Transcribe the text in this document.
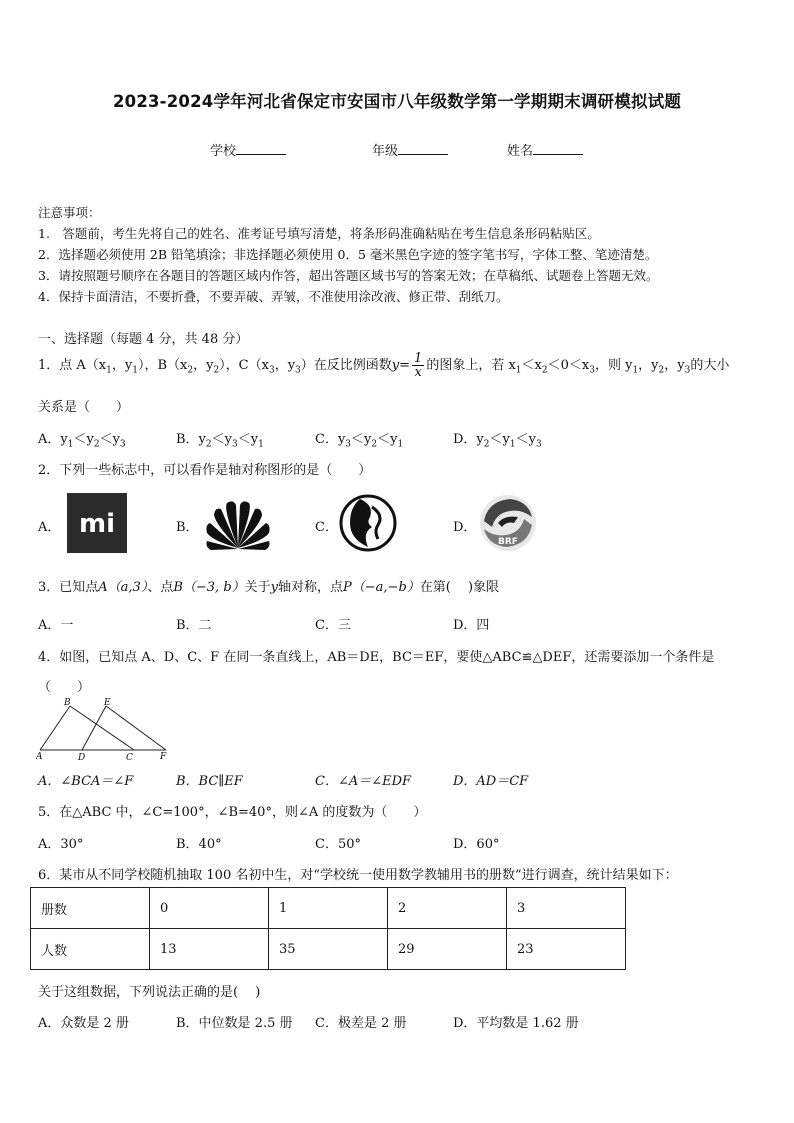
2023-2024学年河北省保定市安国市八年级数学第一学期期末调研模拟试题
学校	年级	姓名
注意事项：
1.　答题前，考生先将自己的姓名、准考证号填写清楚，将条形码准确粘贴在考生信息条形码粘贴区。
2．选择题必须使用 2B 铅笔填涂；非选择题必须使用 0．5 毫米黑色字迹的签字笔书写，字体工整、笔迹清楚。
3．请按照题号顺序在各题目的答题区域内作答，超出答题区域书写的答案无效；在草稿纸、试题卷上答题无效。
4．保持卡面清洁，不要折叠，不要弄破、弄皱，不准使用涂改液、修正带、刮纸刀。
一、选择题（每题 4 分，共 48 分）
1．点 $A(x_1$，$y_1$），$B(x_2$，$y_2$），$C(x_3$，$y_3$）在反比例函数$y= \frac{1}{x}$ 的图象上，若 $x_1<x_2<0<x_3$，则 $y_1$，$y_2$，$y_3$的大小
关系是（　　）
A．$y_1<y_2<y_3$	B．$y_2<y_3<y_1$	C．$y_3<y_2<y_1$	D．$y_2<y_1<y_3$
2．下列一些标志中，可以看作是轴对称图形的是（　　）
A． mi	B．	C．	D．
BRF
3．已知点A（a,3）、点B（−3, b）关于y轴对称，点P（−a,−b）在第(　 )象限
A．一	B．二	C．三	D．四
4．如图，已知点 A、D、C、F 在同一条直线上，AB＝DE，BC＝EF，要使△ABC≌△DEF，还需要添加一个条件是
（　　）
B	E
A	D	C	F
A．∠BCA＝∠F	B．BC∥EF	C．∠A＝∠EDF	D．AD＝CF
5．在△ABC 中，∠C=100°，∠B=40°，则∠A 的度数为（　　）
A．30°	B．40°	C．50°	D．60°
6．某市从不同学校随机抽取 100 名初中生，对“学校统一使用数学教辅用书的册数”进行调查，统计结果如下：
册数	0	1	2	3
人数	13	35	29	23
关于这组数据，下列说法正确的是(　 )
A．众数是 2 册	B．中位数是 2.5 册 C．极差是 2 册	D．平均数是 1.62 册
